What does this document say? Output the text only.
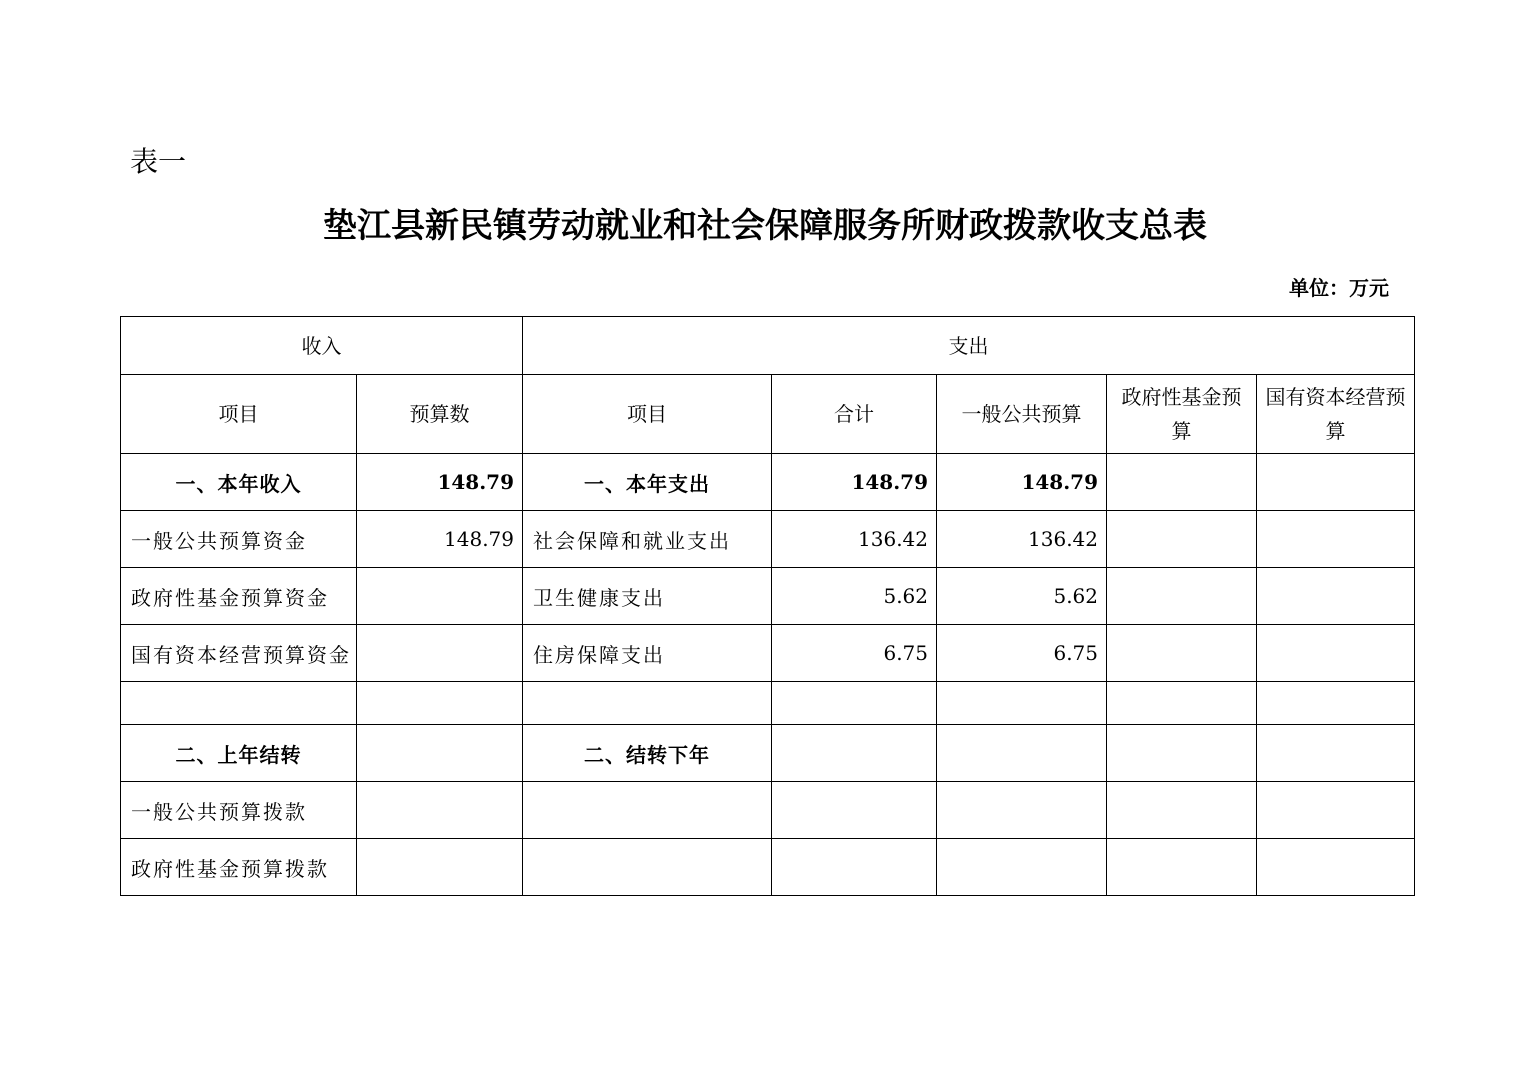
表一
垫江县新民镇劳动就业和社会保障服务所财政拨款收支总表
单位：万元
收入		支出				
项目	预算数	项目	合计	一般公共预算	政府性基金预算	国有资本经营预算
一、本年收入	148.79	一、本年支出	148.79	148.79		
一般公共预算资金	148.79	社会保障和就业支出	136.42	136.42		
政府性基金预算资金		卫生健康支出	5.62	5.62		
国有资本经营预算资金		住房保障支出	6.75	6.75		

二、上年结转		二、结转下年				
一般公共预算拨款						
政府性基金预算拨款						
